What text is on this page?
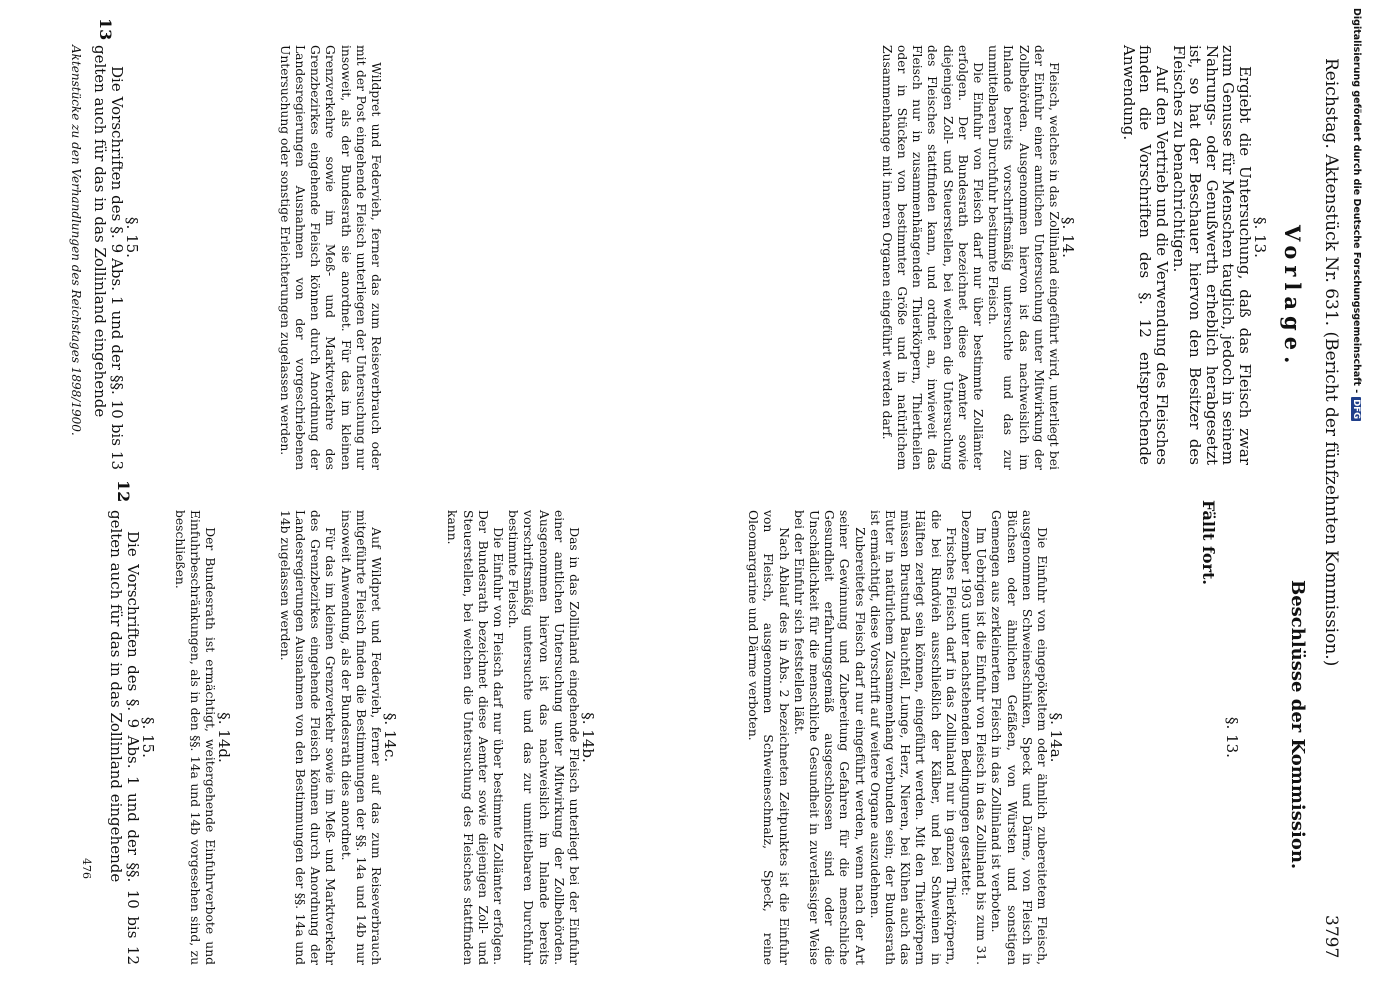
Reichstag. Aktenstück Nr. 631. (Bericht der fünfzehnten Kommission.)
3797
Vorlage.
§. 13.

Ergiebt die Untersuchung, daß das Fleisch zwar zum Genusse für Menschen tauglich, jedoch in seinem Nahrungs- oder Genußwerth erheblich herabgesetzt ist, so hat der Beschauer hiervon den Besitzer des Fleisches zu benachrichtigen.

Auf den Vertrieb und die Verwendung des Fleisches finden die Vorschriften des §. 12 entsprechende Anwendung.

§. 14.

Fleisch, welches in das Zollinland eingeführt wird, unterliegt bei der Einfuhr einer amtlichen Untersuchung unter Mitwirkung der Zollbehörden. Ausgenommen hiervon ist das nachweislich im Inlande bereits vorschriftsmäßig untersuchte und das zur unmittelbaren Durchfuhr bestimmte Fleisch.

Die Einfuhr von Fleisch darf nur über bestimmte Zollämter erfolgen. Der Bundesrath bezeichnet diese Aemter sowie diejenigen Zoll- und Steuerstellen, bei welchen die Untersuchung des Fleisches stattfinden kann, und ordnet an, inwieweit das Fleisch nur in zusammenhängenden Thierkörpern, Thiertheilen oder in Stücken von bestimmter Größe und in natürlichem Zusammenhange mit inneren Organen eingeführt werden darf.

Wildpret und Federvieh, ferner das zum Reiseverbrauch oder mit der Post eingehende Fleisch unterliegen der Untersuchung nur insoweit, als der Bundesrath sie anordnet. Für das im kleinen Grenzverkehre sowie im Meß- und Marktverkehre des Grenzbezirkes eingehende Fleisch können durch Anordnung der Landesregierungen Ausnahmen von der vorgeschriebenen Untersuchung oder sonstige Erleichterungen zugelassen werden.

§. 15.
13

Die Vorschriften des §. 9 Abs. 1 und der §§. 10 bis 13 gelten auch für das in das Zollinland eingehende

Aktenstücke zu den Verhandlungen des Reichstages 1898/1900.
Beschlüsse der Kommission.
§. 13.
Fällt fort.
§. 14a.

Die Einfuhr von eingepökeltem oder ähnlich zubereitetem Fleisch, ausgenommen Schweineschinken, Speck und Därme, von Fleisch in Büchsen oder ähnlichen Gefäßen, von Würsten und sonstigen Gemengen aus zerkleinertem Fleisch in das Zollinland ist verboten.

Im Uebrigen ist die Einfuhr von Fleisch in das Zollinland bis zum 31. Dezember 1903 unter nachstehenden Bedingungen gestattet:

Frisches Fleisch darf in das Zollinland nur in ganzen Thierkörpern, die bei Rindvieh ausschließlich der Kälber, und bei Schweinen in Hälften zerlegt sein können, eingeführt werden. Mit den Thierkörpern müssen Brustund Bauchfell, Lunge, Herz, Nieren, bei Kühen auch das Euter in natürlichem Zusammenhang verbunden sein; der Bundesrath ist ermächtigt, diese Vorschrift auf weitere Organe auszudehnen.

Zubereitetes Fleisch darf nur eingeführt werden, wenn nach der Art seiner Gewinnung und Zubereitung Gefahren für die menschliche Gesundheit erfahrungsgemäß ausgeschlossen sind oder die Unschädlichkeit für die menschliche Gesundheit in zuverlässiger Weise bei der Einfuhr sich feststellen läßt.

Nach Ablauf des in Abs. 2 bezeichneten Zeitpunktes ist die Einfuhr von Fleisch, ausgenommen Schweineschmalz, Speck, reine Oleomargarine und Därme verboten.

§. 14b.

Das in das Zollinland eingehende Fleisch unterliegt bei der Einfuhr einer amtlichen Untersuchung unter Mitwirkung der Zollbehörden. Ausgenommen hiervon ist das nachweislich im Inlande bereits vorschriftsmäßig untersuchte und das zur unmittelbaren Durchfuhr bestimmte Fleisch.

Die Einfuhr von Fleisch darf nur über bestimmte Zollämter erfolgen. Der Bundesrath bezeichnet diese Aemter sowie diejenigen Zoll- und Steuerstellen, bei welchen die Untersuchung des Fleisches stattfinden kann.

§. 14c.

Auf Wildpret und Federvieh, ferner auf das zum Reiseverbrauch mitgeführte Fleisch finden die Bestimmungen der §§. 14a und 14b nur insoweit Anwendung, als der Bundesrath dies anordnet.

Für das im kleinen Grenzverkehr sowie im Meß- und Marktverkehr des Grenzbezirkes eingehende Fleisch können durch Anordnung der Landesregierungen Ausnahmen von den Bestimmungen der §§. 14a und 14b zugelassen werden.

§. 14d.

Der Bundesrath ist ermächtigt, weitergehende Einfuhrverbote und Einfuhrbeschränkungen, als in den §§. 14a und 14b vorgesehen sind, zu beschließen.

§. 15.
12

Die Vorschriften des §. 9 Abs. 1 und der §§. 10 bis 12 gelten auch für das in das Zollinland eingehende

476
Digitalisierung gefördert durch die Deutsche Forschungsgemeinschaft -DFG
